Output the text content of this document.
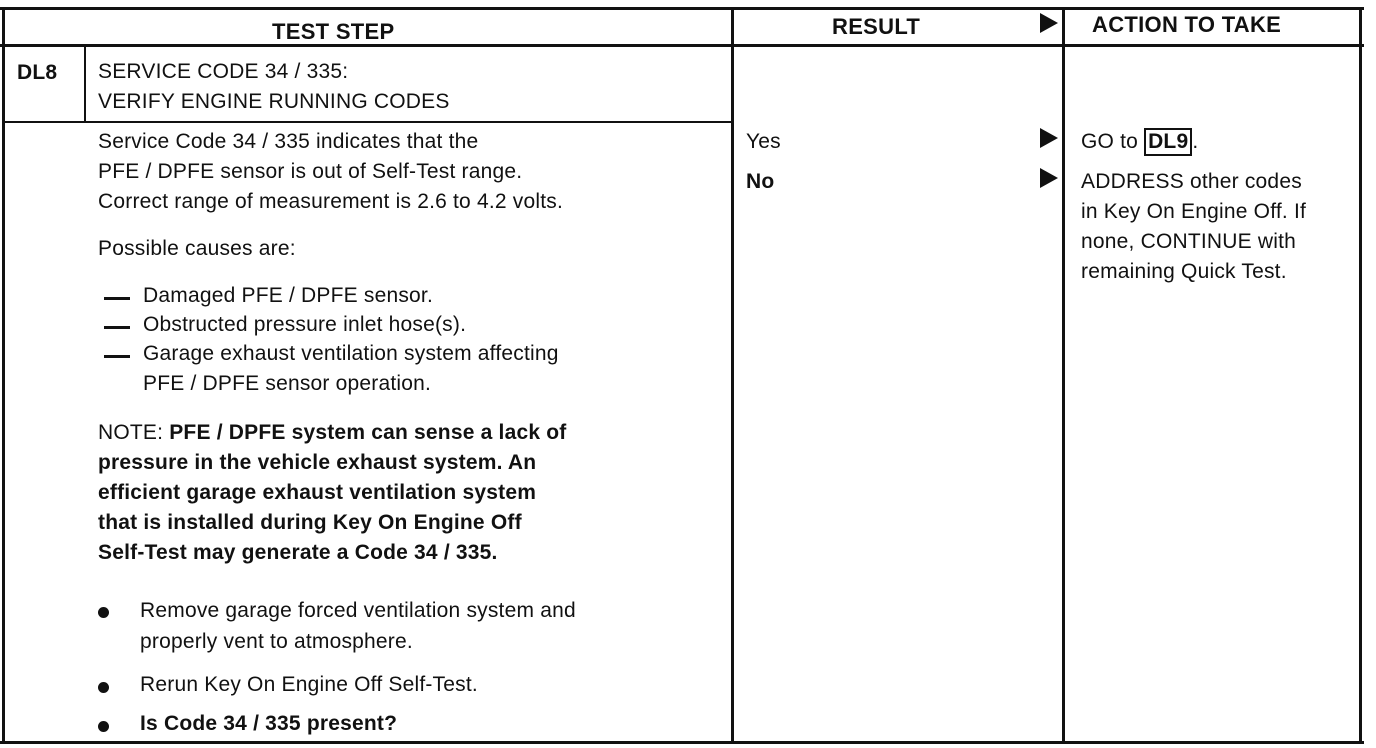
TEST STEP	RESULT	ACTION TO TAKE
DL8 SERVICE CODE 34 / 335:
VERIFY ENGINE RUNNING CODES
Service Code 34 / 335 indicates that the
PFE / DPFE sensor is out of Self-Test range.
Correct range of measurement is 2.6 to 4.2 volts.
Possible causes are:
Damaged PFE / DPFE sensor.
Obstructed pressure inlet hose(s).
Garage exhaust ventilation system affecting
PFE / DPFE sensor operation.
NOTE: PFE / DPFE system can sense a lack of
pressure in the vehicle exhaust system. An
efficient garage exhaust ventilation system
that is installed during Key On Engine Off
Self-Test may generate a Code 34 / 335.
Remove garage forced ventilation system and
properly vent to atmosphere.
Rerun Key On Engine Off Self-Test.
Is Code 34 / 335 present?
Yes
No
GO to DL9 .
ADDRESS other codes
in Key On Engine Off. If
none, CONTINUE with
remaining Quick Test.
